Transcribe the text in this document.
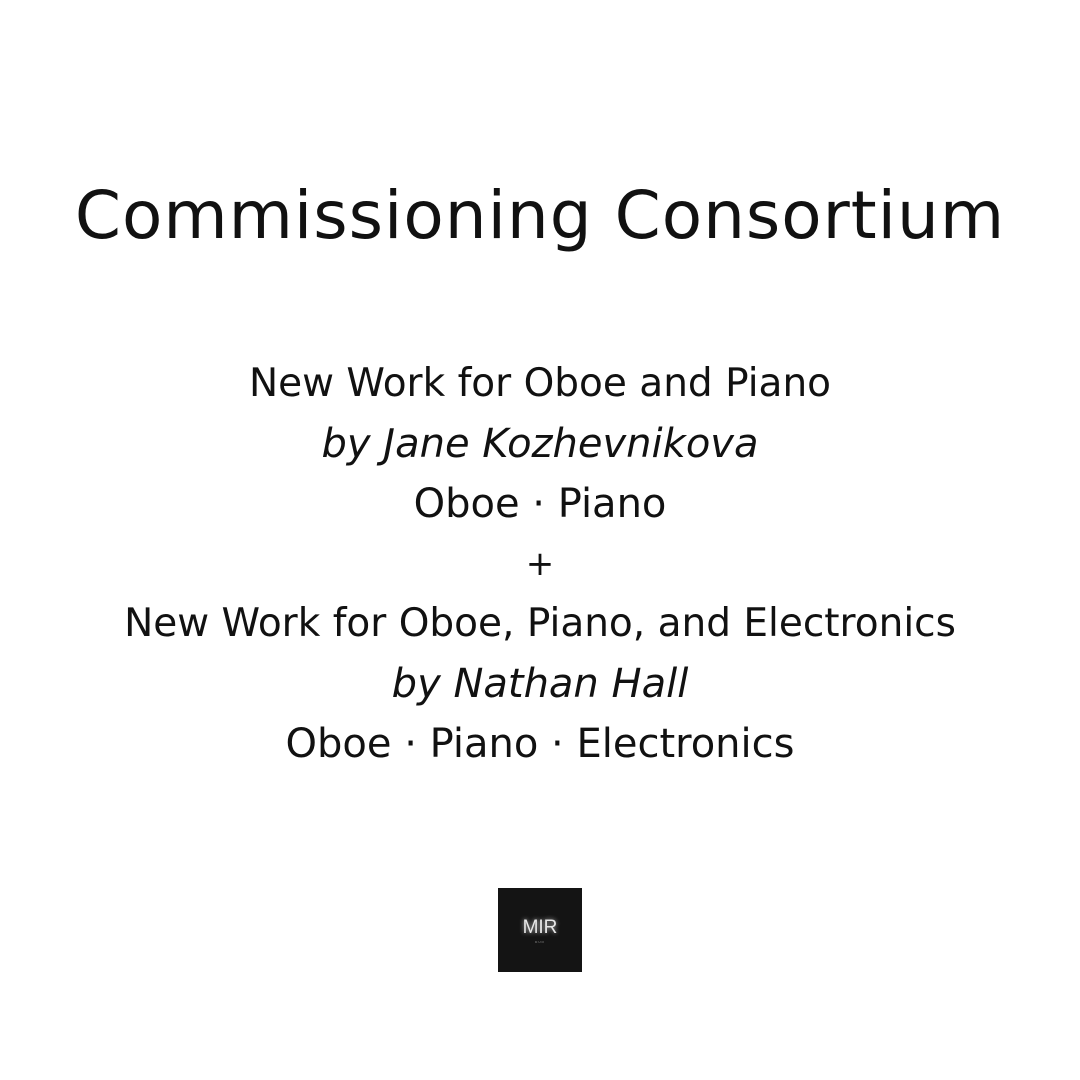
Commissioning Consortium
New Work for Oboe and Piano
by Jane Kozhevnikova
Oboe · Piano
+
New Work for Oboe, Piano, and Electronics
by Nathan Hall
Oboe · Piano · Electronics
MIR
DUO
